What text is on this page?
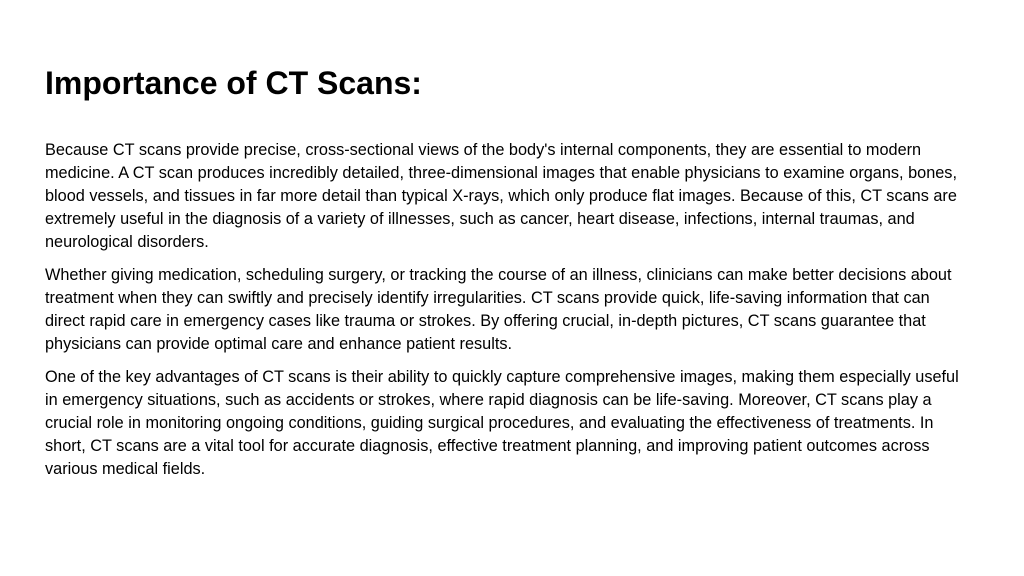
Importance of CT Scans:

Because CT scans provide precise, cross-sectional views of the body's internal components, they are essential to modern medicine. A CT scan produces incredibly detailed, three-dimensional images that enable physicians to examine organs, bones, blood vessels, and tissues in far more detail than typical X-rays, which only produce flat images. Because of this, CT scans are extremely useful in the diagnosis of a variety of illnesses, such as cancer, heart disease, infections, internal traumas, and neurological disorders.

Whether giving medication, scheduling surgery, or tracking the course of an illness, clinicians can make better decisions about treatment when they can swiftly and precisely identify irregularities. CT scans provide quick, life-saving information that can direct rapid care in emergency cases like trauma or strokes. By offering crucial, in-depth pictures, CT scans guarantee that physicians can provide optimal care and enhance patient results.

One of the key advantages of CT scans is their ability to quickly capture comprehensive images, making them especially useful in emergency situations, such as accidents or strokes, where rapid diagnosis can be life-saving. Moreover, CT scans play a crucial role in monitoring ongoing conditions, guiding surgical procedures, and evaluating the effectiveness of treatments. In short, CT scans are a vital tool for accurate diagnosis, effective treatment planning, and improving patient outcomes across various medical fields.
